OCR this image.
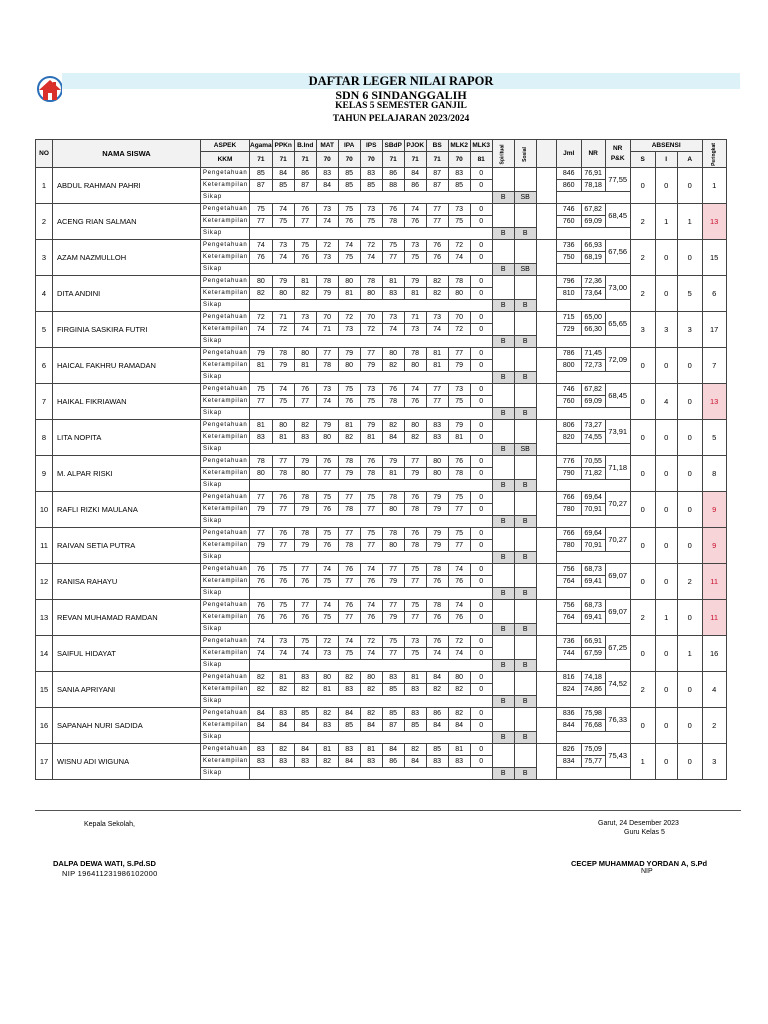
DAFTAR LEGER NILAI RAPOR
SDN 6 SINDANGGALIH
KELAS 5 SEMESTER GANJIL
TAHUN PELAJARAN 2023/2024
NO	NAMA SISWA	ASPEK	Agama	PPKn	B.Ind	MAT	IPA	IPS	SBdP	PJOK	BS	MLK2	MLK3	Spiritual	Sosial		Jml	NR	NR P&K	ABSENSI			Peringkat
		KKM	71	71	71	70	70	70	71	71	71	70	81							S	I	A	
1	ABDUL RAHMAN PAHRI	Pengetahuan	85	84	86	83	85	83	86	84	87	83	0				846	76,91	77,55	0	0	0	1
		Keterampilan	87	85	87	84	85	85	88	86	87	85	0				860	78,18					
		Sikap												B	SB								
2	ACENG RIAN SALMAN	Pengetahuan	75	74	76	73	75	73	76	74	77	73	0				746	67,82	68,45	2	1	1	13
		Keterampilan	77	75	77	74	76	75	78	76	77	75	0				760	69,09					
		Sikap												B	B								
3	AZAM NAZMULLOH	Pengetahuan	74	73	75	72	74	72	75	73	76	72	0				736	66,93	67,56	2	0	0	15
		Keterampilan	76	74	76	73	75	74	77	75	76	74	0				750	68,19					
		Sikap												B	SB								
4	DITA ANDINI	Pengetahuan	80	79	81	78	80	78	81	79	82	78	0				796	72,36	73,00	2	0	5	6
		Keterampilan	82	80	82	79	81	80	83	81	82	80	0				810	73,64					
		Sikap												B	B								
5	FIRGINIA SASKIRA FUTRI	Pengetahuan	72	71	73	70	72	70	73	71	73	70	0				715	65,00	65,65	3	3	3	17
		Keterampilan	74	72	74	71	73	72	74	73	74	72	0				729	66,30					
		Sikap												B	B								
6	HAICAL FAKHRU RAMADAN	Pengetahuan	79	78	80	77	79	77	80	78	81	77	0				786	71,45	72,09	0	0	0	7
		Keterampilan	81	79	81	78	80	79	82	80	81	79	0				800	72,73					
		Sikap												B	B								
7	HAIKAL FIKRIAWAN	Pengetahuan	75	74	76	73	75	73	76	74	77	73	0				746	67,82	68,45	0	4	0	13
		Keterampilan	77	75	77	74	76	75	78	76	77	75	0				760	69,09					
		Sikap												B	B								
8	LITA NOPITA	Pengetahuan	81	80	82	79	81	79	82	80	83	79	0				806	73,27	73,91	0	0	0	5
		Keterampilan	83	81	83	80	82	81	84	82	83	81	0				820	74,55					
		Sikap												B	SB								
9	M. ALPAR RISKI	Pengetahuan	78	77	79	76	78	76	79	77	80	76	0				776	70,55	71,18	0	0	0	8
		Keterampilan	80	78	80	77	79	78	81	79	80	78	0				790	71,82					
		Sikap												B	B								
10	RAFLI RIZKI MAULANA	Pengetahuan	77	76	78	75	77	75	78	76	79	75	0				766	69,64	70,27	0	0	0	9
		Keterampilan	79	77	79	76	78	77	80	78	79	77	0				780	70,91					
		Sikap												B	B								
11	RAIVAN SETIA PUTRA	Pengetahuan	77	76	78	75	77	75	78	76	79	75	0				766	69,64	70,27	0	0	0	9
		Keterampilan	79	77	79	76	78	77	80	78	79	77	0				780	70,91					
		Sikap												B	B								
12	RANISA RAHAYU	Pengetahuan	76	75	77	74	76	74	77	75	78	74	0				756	68,73	69,07	0	0	2	11
		Keterampilan	76	76	76	75	77	76	79	77	76	76	0				764	69,41					
		Sikap												B	B								
13	REVAN MUHAMAD RAMDAN	Pengetahuan	76	75	77	74	76	74	77	75	78	74	0				756	68,73	69,07	2	1	0	11
		Keterampilan	76	76	76	75	77	76	79	77	76	76	0				764	69,41					
		Sikap												B	B								
14	SAIFUL HIDAYAT	Pengetahuan	74	73	75	72	74	72	75	73	76	72	0				736	66,91	67,25	0	0	1	16
		Keterampilan	74	74	74	73	75	74	77	75	74	74	0				744	67,59					
		Sikap												B	B								
15	SANIA APRIYANI	Pengetahuan	82	81	83	80	82	80	83	81	84	80	0				816	74,18	74,52	2	0	0	4
		Keterampilan	82	82	82	81	83	82	85	83	82	82	0				824	74,86					
		Sikap												B	B								
16	SAPANAH NURI SADIDA	Pengetahuan	84	83	85	82	84	82	85	83	86	82	0				836	75,98	76,33	0	0	0	2
		Keterampilan	84	84	84	83	85	84	87	85	84	84	0				844	76,68					
		Sikap												B	B								
17	WISNU ADI WIGUNA	Pengetahuan	83	82	84	81	83	81	84	82	85	81	0				826	75,09	75,43	1	0	0	3
		Keterampilan	83	83	83	82	84	83	86	84	83	83	0				834	75,77					
		Sikap												B	B								
Kepala Sekolah,	Garut, 24 Desember 2023
Guru Kelas 5
DALPA DEWA WATI, S.Pd.SD
NIP 196411231986102000
CECEP MUHAMMAD YORDAN A, S.Pd
NIP
